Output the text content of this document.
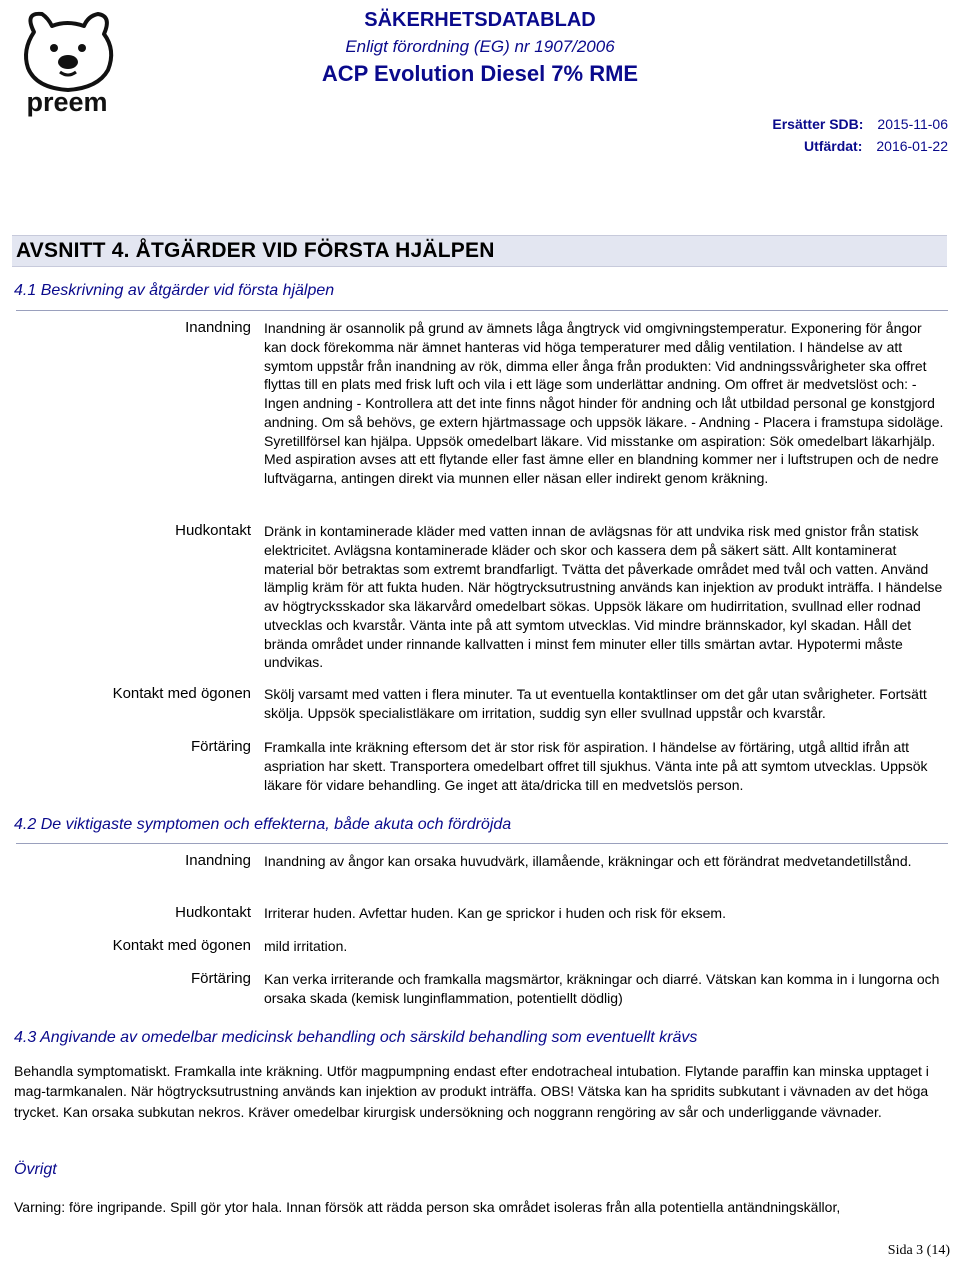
preem
SÄKERHETSDATABLAD
Enligt förordning (EG) nr 1907/2006
ACP Evolution Diesel 7% RME
Ersätter SDB: 2015-11-06
Utfärdat: 2016-01-22
AVSNITT 4. ÅTGÄRDER VID FÖRSTA HJÄLPEN
4.1 Beskrivning av åtgärder vid första hjälpen
Inandning Inandning är osannolik på grund av ämnets låga ångtryck vid omgivningstemperatur. Exponering för ångor kan dock förekomma när ämnet hanteras vid höga temperaturer med dålig ventilation. I händelse av att symtom uppstår från inandning av rök, dimma eller ånga från produkten: Vid andningssvårigheter ska offret flyttas till en plats med frisk luft och vila i ett läge som underlättar andning. Om offret är medvetslöst och: - Ingen andning - Kontrollera att det inte finns något hinder för andning och låt utbildad personal ge konstgjord andning. Om så behövs, ge extern hjärtmassage och uppsök läkare. - Andning - Placera i framstupa sidoläge. Syretillförsel kan hjälpa. Uppsök omedelbart läkare. Vid misstanke om aspiration: Sök omedelbart läkarhjälp. Med aspiration avses att ett flytande eller fast ämne eller en blandning kommer ner i luftstrupen och de nedre luftvägarna, antingen direkt via munnen eller näsan eller indirekt genom kräkning.
Hudkontakt Dränk in kontaminerade kläder med vatten innan de avlägsnas för att undvika risk med gnistor från statisk elektricitet. Avlägsna kontaminerade kläder och skor och kassera dem på säkert sätt. Allt kontaminerat material bör betraktas som extremt brandfarligt. Tvätta det påverkade området med tvål och vatten. Använd lämplig kräm för att fukta huden. När högtrycksutrustning används kan injektion av produkt inträffa. I händelse av högtrycksskador ska läkarvård omedelbart sökas. Uppsök läkare om hudirritation, svullnad eller rodnad utvecklas och kvarstår. Vänta inte på att symtom utvecklas. Vid mindre brännskador, kyl skadan. Håll det brända området under rinnande kallvatten i minst fem minuter eller tills smärtan avtar. Hypotermi måste undvikas.
Kontakt med ögonen Skölj varsamt med vatten i flera minuter. Ta ut eventuella kontaktlinser om det går utan svårigheter. Fortsätt skölja. Uppsök specialistläkare om irritation, suddig syn eller svullnad uppstår och kvarstår.
Förtäring Framkalla inte kräkning eftersom det är stor risk för aspiration. I händelse av förtäring, utgå alltid ifrån att aspriation har skett. Transportera omedelbart offret till sjukhus. Vänta inte på att symtom utvecklas. Uppsök läkare för vidare behandling. Ge inget att äta/dricka till en medvetslös person.
4.2 De viktigaste symptomen och effekterna, både akuta och fördröjda
Inandning Inandning av ångor kan orsaka huvudvärk, illamående, kräkningar och ett förändrat medvetandetillstånd.
Hudkontakt Irriterar huden. Avfettar huden. Kan ge sprickor i huden och risk för eksem.
Kontakt med ögonen mild irritation.
Förtäring Kan verka irriterande och framkalla magsmärtor, kräkningar och diarré. Vätskan kan komma in i lungorna och orsaka skada (kemisk lunginflammation, potentiellt dödlig)
4.3 Angivande av omedelbar medicinsk behandling och särskild behandling som eventuellt krävs
Behandla symptomatiskt. Framkalla inte kräkning. Utför magpumpning endast efter endotracheal intubation. Flytande paraffin kan minska upptaget i mag-tarmkanalen. När högtrycksutrustning används kan injektion av produkt inträffa. OBS! Vätska kan ha spridits subkutant i vävnaden av det höga trycket. Kan orsaka subkutan nekros. Kräver omedelbar kirurgisk undersökning och noggrann rengöring av sår och underliggande vävnader.
Övrigt
Varning: före ingripande. Spill gör ytor hala. Innan försök att rädda person ska området isoleras från alla potentiella antändningskällor,
Sida 3 (14)
